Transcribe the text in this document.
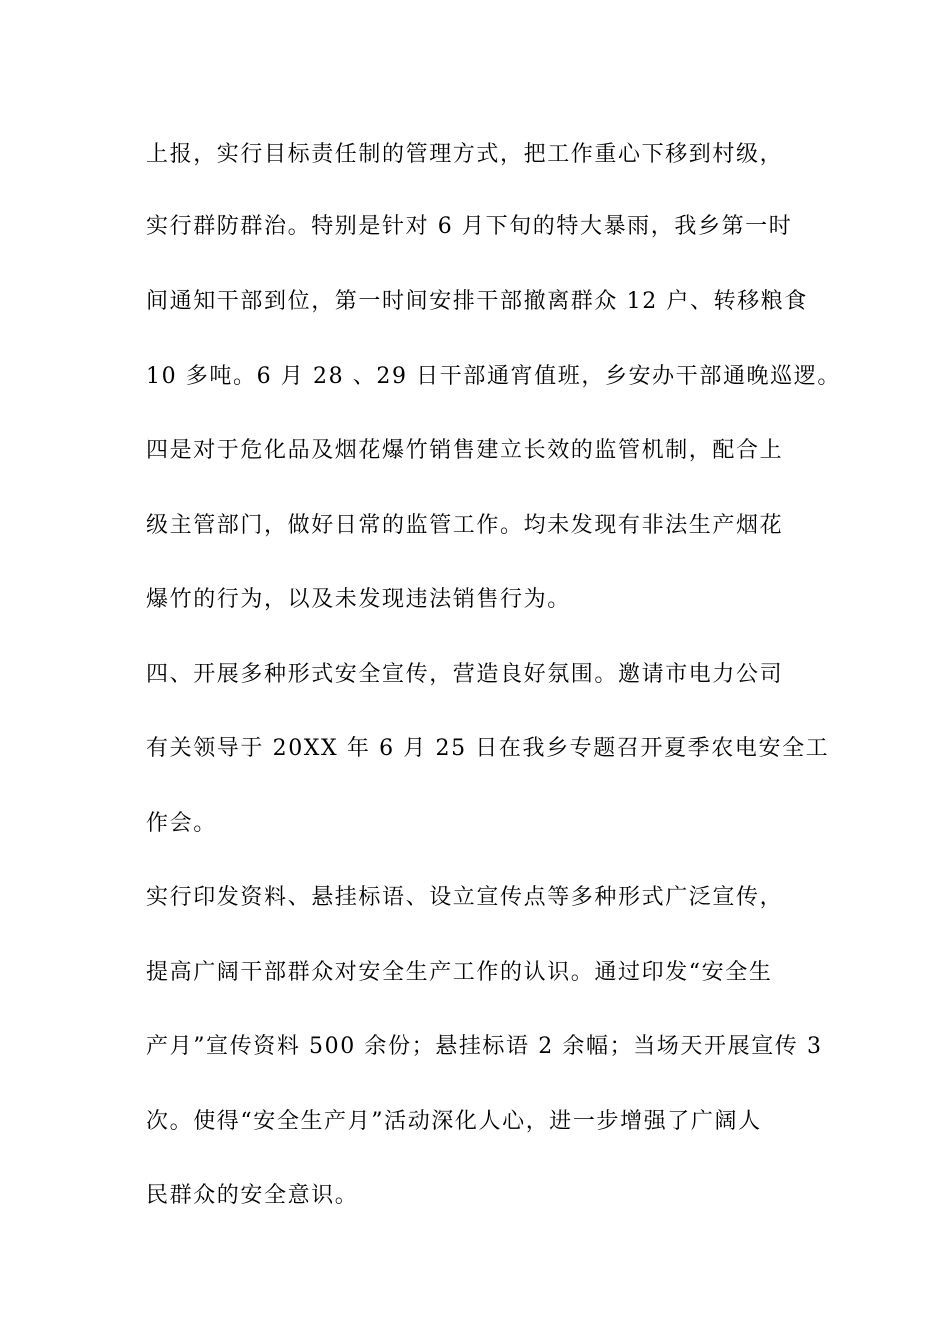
上报，实行目标责任制的管理方式，把工作重心下移到村级，
实行群防群治。特别是针对 6 月下旬的特大暴雨，我乡第一时
间通知干部到位，第一时间安排干部撤离群众 12 户、转移粮食
10 多吨。6 月 28 、29 日干部通宵值班，乡安办干部通晚巡逻。
四是对于危化品及烟花爆竹销售建立长效的监管机制，配合上
级主管部门，做好日常的监管工作。均未发现有非法生产烟花
爆竹的行为，以及未发现违法销售行为。
四、开展多种形式安全宣传，营造良好氛围。邀请市电力公司
有关领导于 20XX 年 6 月 25 日在我乡专题召开夏季农电安全工
作会。
实行印发资料、悬挂标语、设立宣传点等多种形式广泛宣传，
提高广阔干部群众对安全生产工作的认识。通过印发“安全生
产月”宣传资料 500 余份；悬挂标语 2 余幅；当场天开展宣传 3
次。使得“安全生产月”活动深化人心，进一步增强了广阔人
民群众的安全意识。
